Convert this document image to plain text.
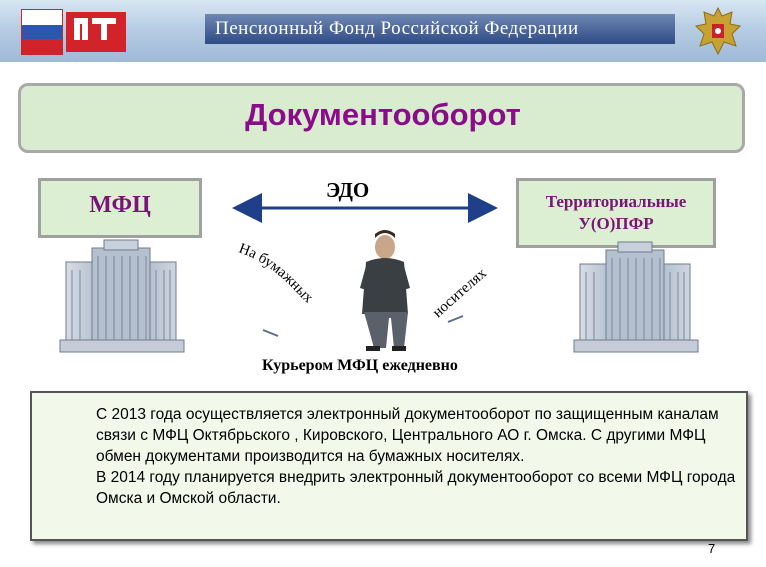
Пенсионный Фонд Российской Федерации
Документооборот
МФЦ	Территориальные
У(О)ПФР
ЭДО
На бумажных
носителях
Курьером МФЦ ежедневно

С 2013 года осуществляется электронный документооборот по защищенным каналам связи с МФЦ Октябрьского , Кировского, Центрального АО г. Омска. С другими МФЦ обмен документами производится на бумажных носителях.

В 2014 году планируется внедрить электронный документооборот со всеми МФЦ города Омска и Омской области.

7
